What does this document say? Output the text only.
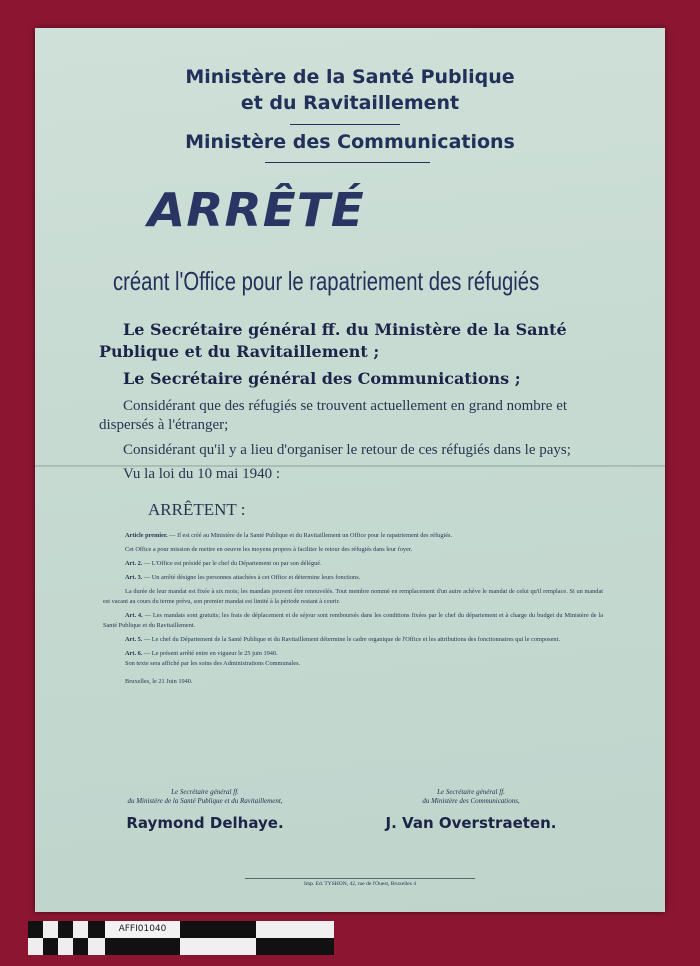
Ministère de la Santé Publique
et du Ravitaillement
Ministère des Communications
ARRÊTÉ
créant l'Office pour le rapatriement des réfugiés
Le Secrétaire général ff. du Ministère de la Santé
Publique et du Ravitaillement ;
Le Secrétaire général des Communications ;
Considérant que des réfugiés se trouvent actuellement en grand nombre et
dispersés à l'étranger;
Considérant qu'il y a lieu d'organiser le retour de ces réfugiés dans le pays;
Vu la loi du 10 mai 1940 :
ARRÊTENT :

Article premier. — Il est créé au Ministère de la Santé Publique et du Ravitaillement un Office pour le rapatriement des réfugiés.

Cet Office a pour mission de mettre en oeuvre les moyens propres à faciliter le retour des réfugiés dans leur foyer.

Art. 2. — L'Office est présidé par le chef du Département ou par son délégué.

Art. 3. — Un arrêté désigne les personnes attachées à cet Office et détermine leurs fonctions.

La durée de leur mandat est fixée à six mois; les mandats peuvent être renouvelés. Tout membre nommé en remplacement d'un autre achève le mandat de celui qu'il remplace. Si un mandat est vacant au cours du terme prévu, son premier mandat est limité à la période restant à courir.

Art. 4. — Les mandats sont gratuits; les frais de déplacement et de séjour sont remboursés dans les conditions fixées par le chef du département et à charge du budget du Ministère de la Santé Publique et du Ravitaillement.

Art. 5. — Le chef du Département de la Santé Publique et du Ravitaillement détermine le cadre organique de l'Office et les attributions des fonctionnaires qui le composent.

Art. 6. — Le présent arrêté entre en vigueur le 25 juin 1940.

Son texte sera affiché par les soins des Administrations Communales.

Bruxelles, le 21 Juin 1940.

Le Secrétaire général ff.
du Ministère de la Santé Publique et du Ravitaillement,
Raymond Delhaye.
Le Secrétaire général ff.
du Ministère des Communications,
J. Van Overstraeten.
Imp. Ed. TYSHON, 42, rue de l'Ouest, Bruxelles 4
AFFI01040
